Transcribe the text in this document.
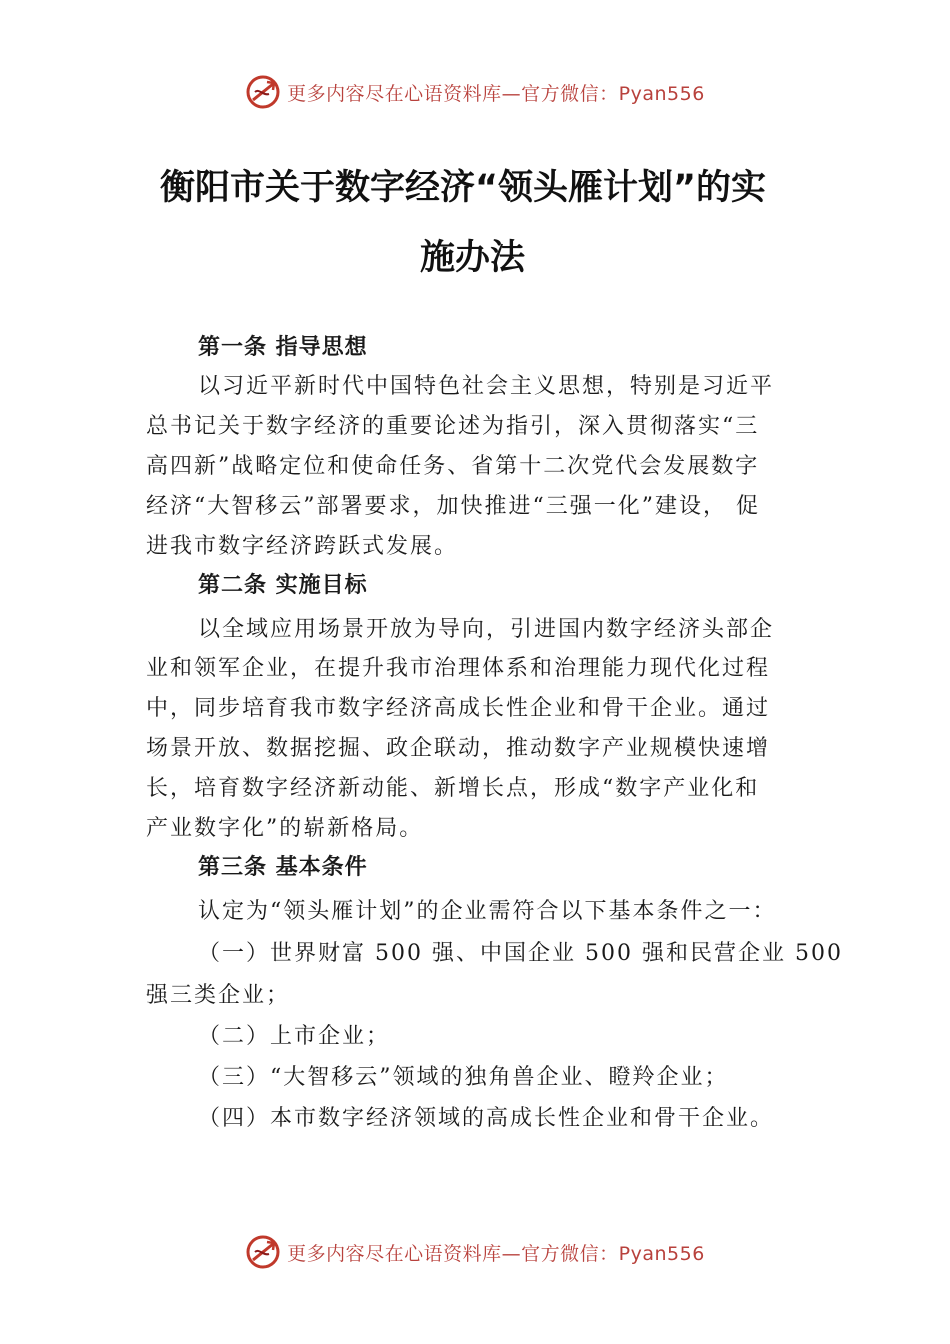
更多内容尽在心语资料库—官方微信：Pyan556
衡阳市关于数字经济“领头雁计划”的实
施办法
第一条 指导思想
以习近平新时代中国特色社会主义思想，特别是习近平
总书记关于数字经济的重要论述为指引，深入贯彻落实“三
高四新”战略定位和使命任务、省第十二次党代会发展数字
经济“大智移云”部署要求，加快推进“三强一化”建设， 促
进我市数字经济跨跃式发展。
第二条 实施目标
以全域应用场景开放为导向，引进国内数字经济头部企
业和领军企业，在提升我市治理体系和治理能力现代化过程
中，同步培育我市数字经济高成长性企业和骨干企业。通过
场景开放、数据挖掘、政企联动，推动数字产业规模快速增
长，培育数字经济新动能、新增长点，形成“数字产业化和
产业数字化”的崭新格局。
第三条 基本条件
认定为“领头雁计划”的企业需符合以下基本条件之一：
（一）世界财富 500 强、中国企业 500 强和民营企业 500
强三类企业；
（二）上市企业；
（三）“大智移云”领域的独角兽企业、瞪羚企业；
（四）本市数字经济领域的高成长性企业和骨干企业。
更多内容尽在心语资料库—官方微信：Pyan556
